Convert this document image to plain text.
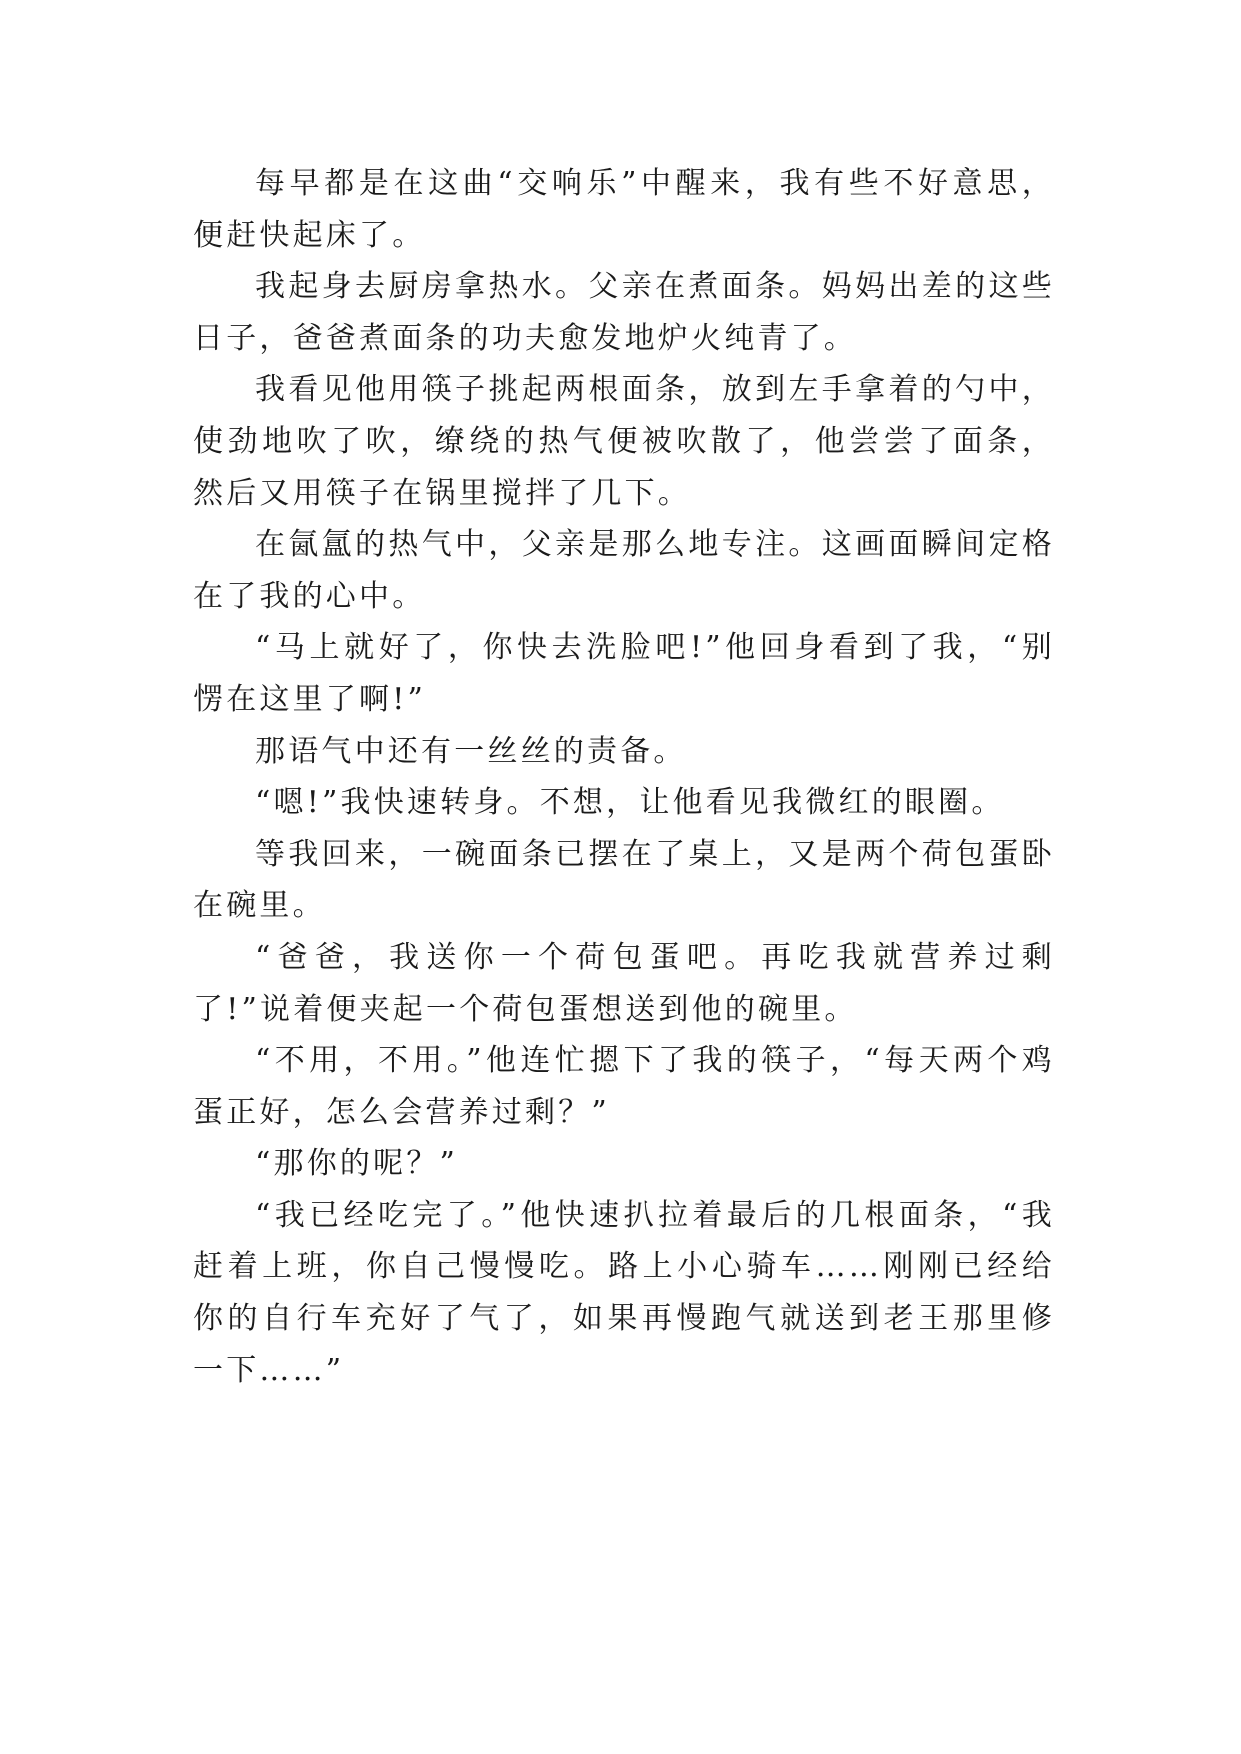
每早都是在这曲“交响乐”中醒来，我有些不好意思，便赶快起床了。

我起身去厨房拿热水。父亲在煮面条。妈妈出差的这些日子，爸爸煮面条的功夫愈发地炉火纯青了。

我看见他用筷子挑起两根面条，放到左手拿着的勺中，使劲地吹了吹，缭绕的热气便被吹散了，他尝尝了面条，然后又用筷子在锅里搅拌了几下。

在氤氲的热气中，父亲是那么地专注。这画面瞬间定格在了我的心中。

“马上就好了，你快去洗脸吧!”他回身看到了我，“别愣在这里了啊!”

那语气中还有一丝丝的责备。

“嗯!”我快速转身。不想，让他看见我微红的眼圈。

等我回来，一碗面条已摆在了桌上，又是两个荷包蛋卧在碗里。

“爸爸，我送你一个荷包蛋吧。再吃我就营养过剩了!”说着便夹起一个荷包蛋想送到他的碗里。

“不用，不用。”他连忙摁下了我的筷子，“每天两个鸡蛋正好，怎么会营养过剩？”

“那你的呢？”

“我已经吃完了。”他快速扒拉着最后的几根面条，“我赶着上班，你自己慢慢吃。路上小心骑车……刚刚已经给你的自行车充好了气了，如果再慢跑气就送到老王那里修一下……”
